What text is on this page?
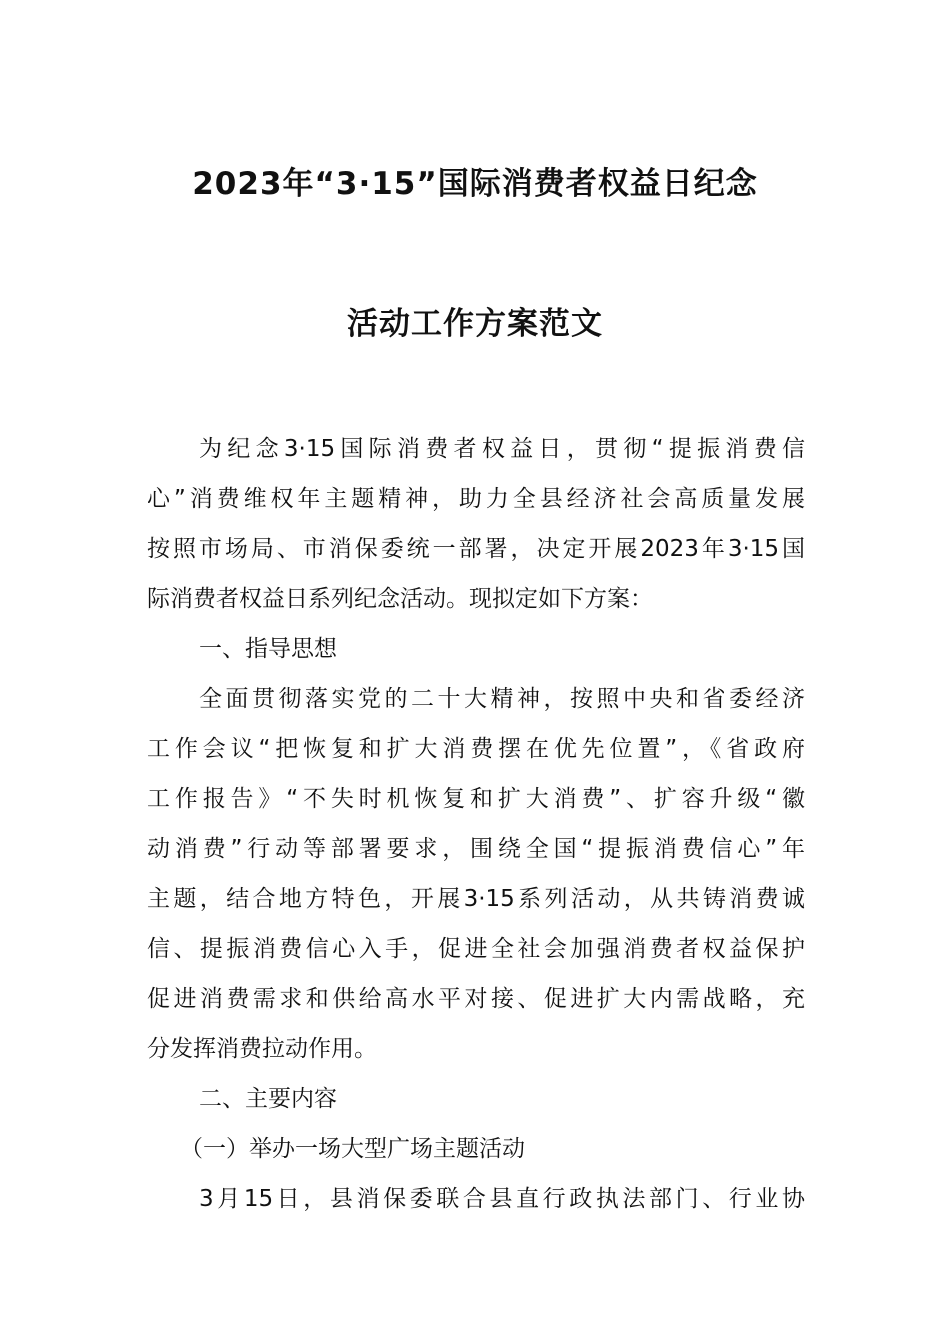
2023年“3·15”国际消费者权益日纪念
活动工作方案范文
为纪念3·15国际消费者权益日，贯彻“提振消费信
心”消费维权年主题精神，助力全县经济社会高质量发展
按照市场局、市消保委统一部署，决定开展2023年3·15国
际消费者权益日系列纪念活动。现拟定如下方案：
一、指导思想
全面贯彻落实党的二十大精神，按照中央和省委经济
工作会议“把恢复和扩大消费摆在优先位置”，《省政府
工作报告》“不失时机恢复和扩大消费”、扩容升级“徽
动消费”行动等部署要求，围绕全国“提振消费信心”年
主题，结合地方特色，开展3·15系列活动，从共铸消费诚
信、提振消费信心入手，促进全社会加强消费者权益保护
促进消费需求和供给高水平对接、促进扩大内需战略，充
分发挥消费拉动作用。
二、主要内容
（一）举办一场大型广场主题活动
3月15日，县消保委联合县直行政执法部门、行业协
